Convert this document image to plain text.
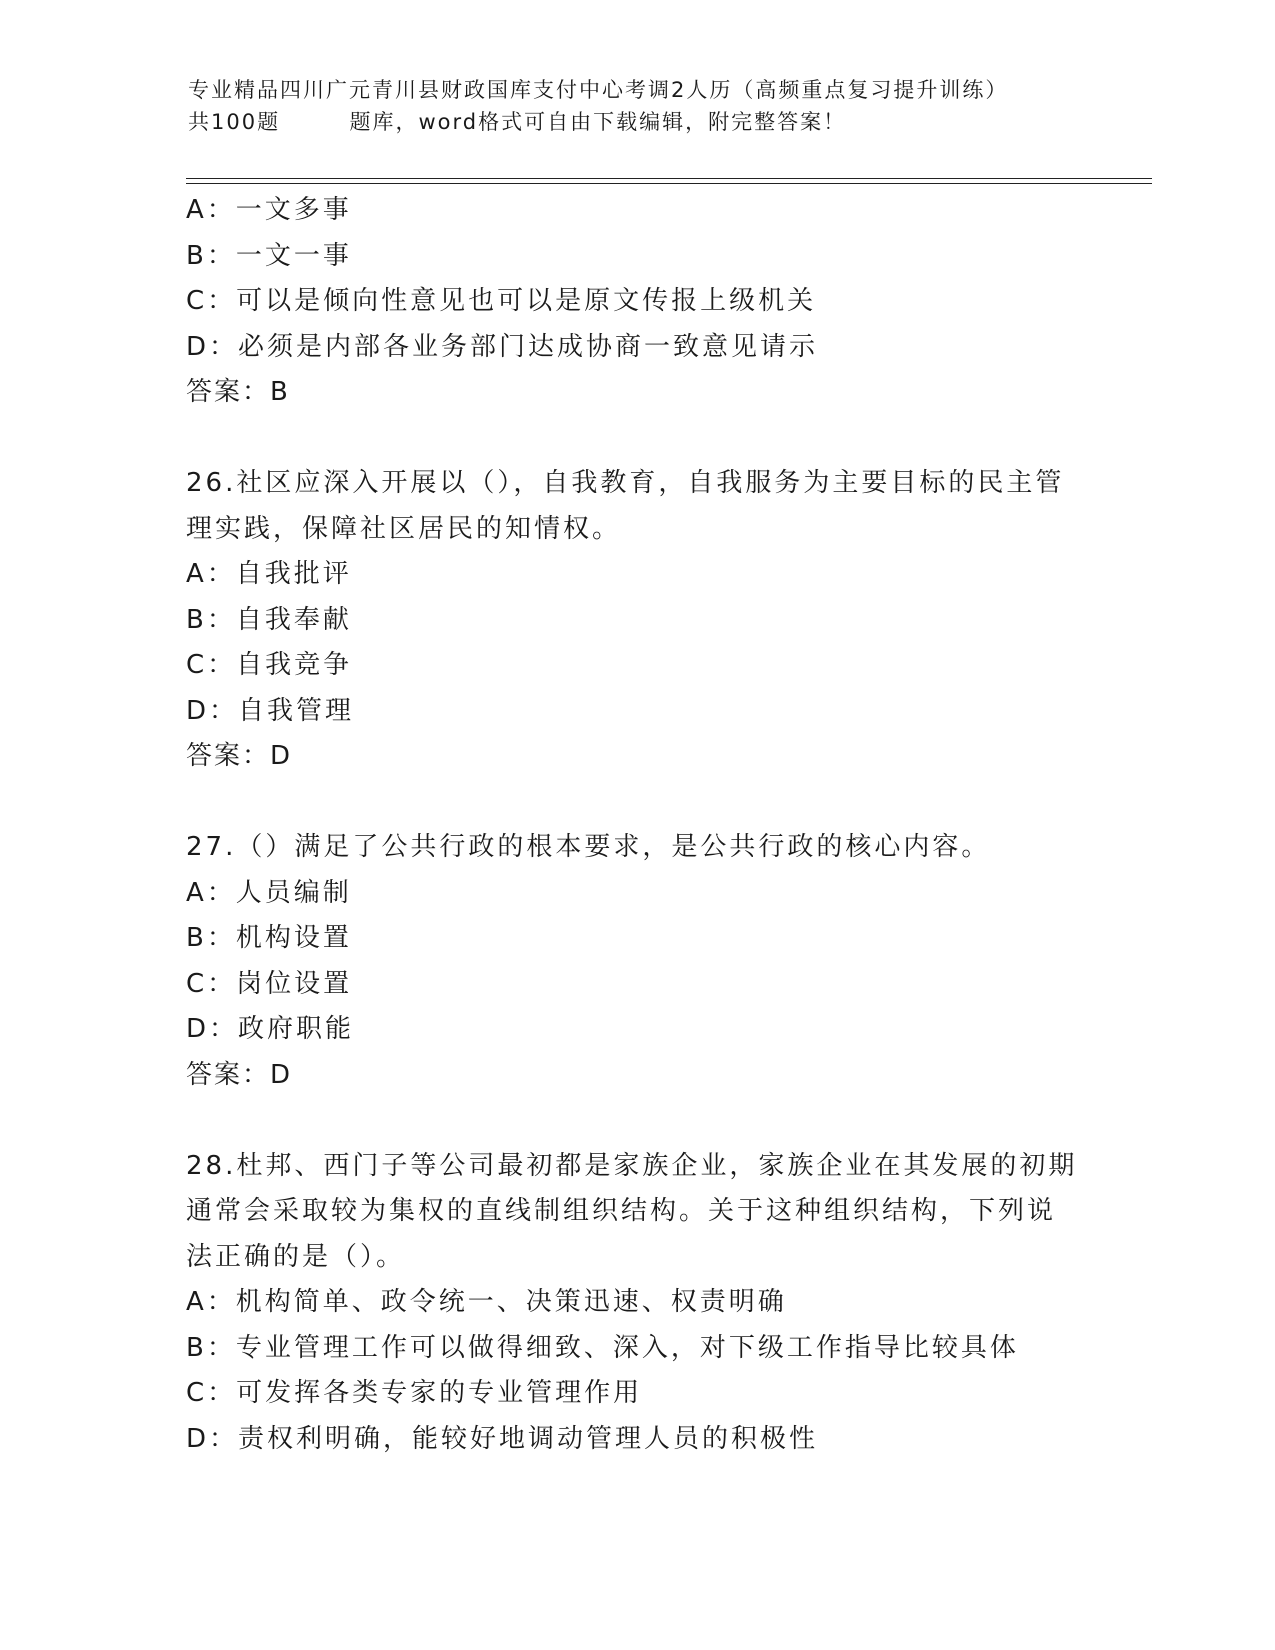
专业精品四川广元青川县财政国库支付中心考调2人历（高频重点复习提升训练）
共100题        题库，word格式可自由下载编辑，附完整答案！
A：一文多事
B：一文一事
C：可以是倾向性意见也可以是原文传报上级机关
D：必须是内部各业务部门达成协商一致意见请示
答案：B
26.社区应深入开展以（），自我教育，自我服务为主要目标的民主管
理实践，保障社区居民的知情权。
A：自我批评
B：自我奉献
C：自我竞争
D：自我管理
答案：D
27.（）满足了公共行政的根本要求，是公共行政的核心内容。
A：人员编制
B：机构设置
C：岗位设置
D：政府职能
答案：D
28.杜邦、西门子等公司最初都是家族企业，家族企业在其发展的初期
通常会采取较为集权的直线制组织结构。关于这种组织结构，下列说
法正确的是（）。
A：机构简单、政令统一、决策迅速、权责明确
B：专业管理工作可以做得细致、深入，对下级工作指导比较具体
C：可发挥各类专家的专业管理作用
D：责权利明确，能较好地调动管理人员的积极性
